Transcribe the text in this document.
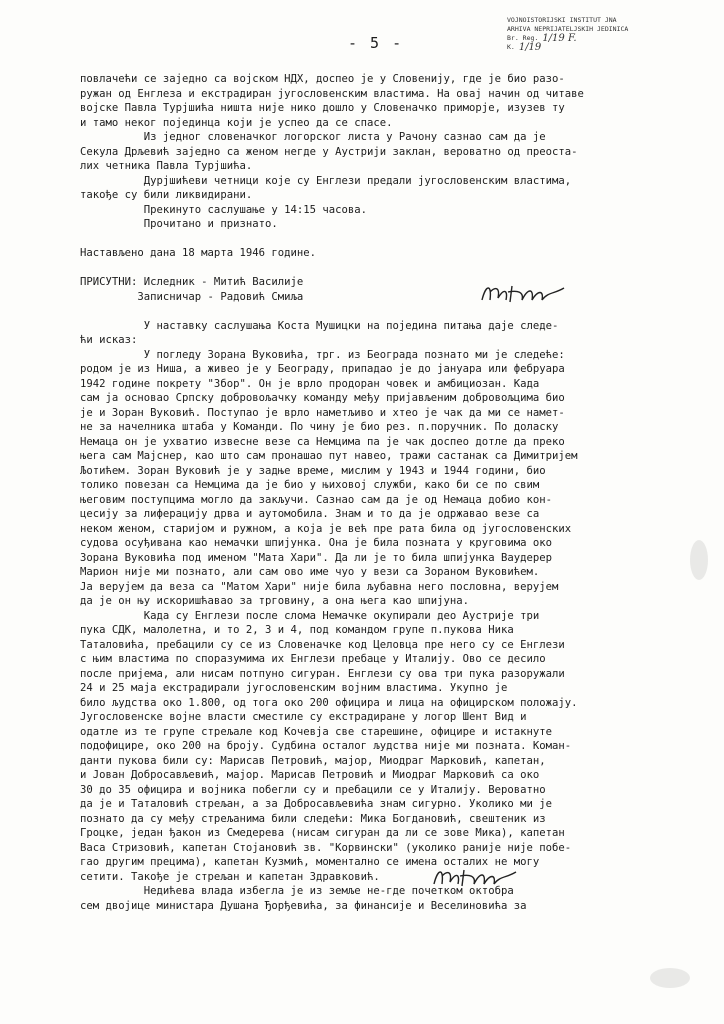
VOJNOISTORIJSKI INSTITUT JNA
ARHIVA NEPRIJATELJSKIH JEDINICA
Br. Reg. 1/19 F.
K. 1/19
- 5 -
повлачећи се заједно са војском НДХ, доспео је у Словенију, где је био разо-
ружан од Енглеза и екстрадиран југословенским властима. На овај начин од читаве
војске Павла Турјшића ништа није нико дошло у Словеначко приморје, изузев ту
и тамо неког појединца који је успео да се спасе.
Из једног словеначког логорског листа у Рачону сазнао сам да је
Секула Дрљевић заједно са женом негде у Аустрији заклан, вероватно од преоста-
лих четника Павла Турјшића.
Дурјшићеви четници које су Енглези предали југословенским властима,
такође су били ликвидирани.
Прекинуто саслушање у 14:15 часова.
Прочитано и признато.
Настављено дана 18 марта 1946 године.
ПРИСУТНИ: Иследник - Митић Василије
Записничар - Радовић Смиља
У наставку саслушања Коста Мушицки на поједина питања даје следе-
ћи исказ:
У погледу Зорана Вуковића, трг. из Београда познато ми је следеће:
родом је из Ниша, а живео је у Београду, припадао је до јануара или фебруара
1942 године покрету "Збор". Он је врло продоран човек и амбициозан. Када
сам ја основао Српску добровољачку команду међу пријављеним добровољцима био
је и Зоран Вуковић. Поступао је врло наметљиво и хтео је чак да ми се намет-
не за начелника штаба у Команди. По чину је био рез. п.поручник. По доласку
Немаца он је ухватио извесне везе са Немцима па је чак доспео дотле да преко
њега сам Мајснер, као што сам пронашао пут навео, тражи састанак са Димитријем
Љотићем. Зоран Вуковић је у задње време, мислим у 1943 и 1944 години, био
толико повезан са Немцима да је био у њиховој служби, како би се по свим
његовим поступцима могло да закључи. Сазнао сам да је од Немаца добио кон-
цесију за лиферацију дрва и аутомобила. Знам и то да је одржавао везе са
неком женом, старијом и ружном, а која је већ пре рата била од југословенских
судова осуђивана као немачки шпијунка. Она је била позната у круговима око
Зорана Вуковића под именом "Мата Хари". Да ли је то била шпијунка Ваудерер
Марион није ми познато, али сам ово име чуо у вези са Зораном Вуковићем.
Ја верујем да веза са "Матом Хари" није била љубавна него пословна, верујем
да је он њу искоришћавао за трговину, а она њега као шпијуна.
Када су Енглези после слома Немачке окупирали део Аустрије три
пука СДК, малолетна, и то 2, 3 и 4, под командом групе п.пукова Ника
Таталовића, пребацили су се из Словеначке код Целовца пре него су се Енглези
с њим властима по споразумима их Енглези пребаце у Италију. Ово се десило
после пријема, али нисам потпуно сигуран. Енглези су ова три пука разоружали
24 и 25 маја екстрадирали југословенским војним властима. Укупно је
било људства око 1.800, од тога око 200 официра и лица на официрском положају.
Југословенске војне власти сместиле су екстрадиране у логор Шент Вид и
одатле из те групе стрељале код Кочевја све старешине, официре и истакнуте
подофицире, око 200 на броју. Судбина осталог људства није ми позната. Коман-
данти пукова били су: Марисав Петровић, мајор, Миодраг Марковић, капетан,
и Јован Добросављевић, мајор. Марисав Петровић и Миодраг Марковић са око
30 до 35 официра и војника побегли су и пребацили се у Италију. Вероватно
да је и Таталовић стрељан, а за Добросављевића знам сигурно. Уколико ми је
познато да су међу стрељанима били следећи: Мика Богдановић, свештеник из
Гроцке, један ђакон из Смедерева (нисам сигуран да ли се зове Мика), капетан
Васа Стризовић, капетан Стојановић зв. "Корвински" (уколико раније није побе-
гао другим прецима), капетан Кузмић, моментално се имена осталих не могу
сетити. Такође је стрељан и капетан Здравковић.
Недићева влада избегла је из земље не-где почетком октобра
сем двојице министара Душана Ђорђевића, за финансије и Веселиновића за
